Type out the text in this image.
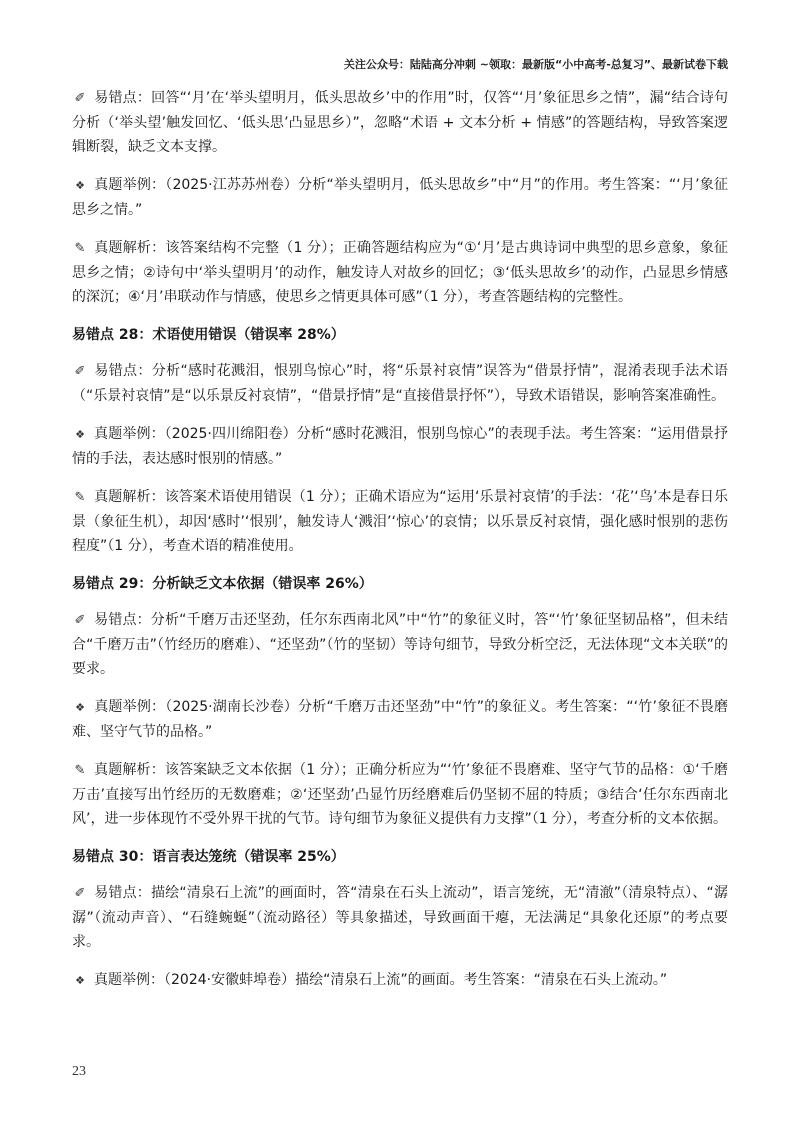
关注公众号：陆陆高分冲刺 ~领取：最新版“小中高考-总复习”、最新试卷下载

✐ 易错点：回答“‘月’在‘举头望明月，低头思故乡’中的作用”时，仅答“‘月’象征思乡之情”，漏“结合诗句分析（‘举头望’触发回忆、‘低头思’凸显思乡）”，忽略“术语 + 文本分析 + 情感”的答题结构，导致答案逻辑断裂，缺乏文本支撑。

❖ 真题举例：（2025·江苏苏州卷）分析“举头望明月，低头思故乡”中“月”的作用。考生答案：“‘月’象征思乡之情。”

✎ 真题解析：该答案结构不完整（1 分）；正确答题结构应为“①‘月’是古典诗词中典型的思乡意象，象征思乡之情；②诗句中‘举头望明月’的动作，触发诗人对故乡的回忆；③‘低头思故乡’的动作，凸显思乡情感的深沉；④‘月’串联动作与情感，使思乡之情更具体可感”（1 分），考查答题结构的完整性。

易错点 28：术语使用错误（错误率 28%）

✐ 易错点：分析“感时花溅泪，恨别鸟惊心”时，将“乐景衬哀情”误答为“借景抒情”，混淆表现手法术语（“乐景衬哀情”是“以乐景反衬哀情”，“借景抒情”是“直接借景抒怀”），导致术语错误，影响答案准确性。

❖ 真题举例：（2025·四川绵阳卷）分析“感时花溅泪，恨别鸟惊心”的表现手法。考生答案：“运用借景抒情的手法，表达感时恨别的情感。”

✎ 真题解析：该答案术语使用错误（1 分）；正确术语应为“运用‘乐景衬哀情’的手法：‘花’‘鸟’本是春日乐景（象征生机），却因‘感时’‘恨别’，触发诗人‘溅泪’‘惊心’的哀情；以乐景反衬哀情，强化感时恨别的悲伤程度”（1 分），考查术语的精准使用。

易错点 29：分析缺乏文本依据（错误率 26%）

✐ 易错点：分析“千磨万击还坚劲，任尔东西南北风”中“竹”的象征义时，答“‘竹’象征坚韧品格”，但未结合“千磨万击”（竹经历的磨难）、“还坚劲”（竹的坚韧）等诗句细节，导致分析空泛，无法体现“文本关联”的要求。

❖ 真题举例：（2025·湖南长沙卷）分析“千磨万击还坚劲”中“竹”的象征义。考生答案：“‘竹’象征不畏磨难、坚守气节的品格。”

✎ 真题解析：该答案缺乏文本依据（1 分）；正确分析应为“‘竹’象征不畏磨难、坚守气节的品格：①‘千磨万击’直接写出竹经历的无数磨难；②‘还坚劲’凸显竹历经磨难后仍坚韧不屈的特质；③结合‘任尔东西南北风’，进一步体现竹不受外界干扰的气节。诗句细节为象征义提供有力支撑”（1 分），考查分析的文本依据。

易错点 30：语言表达笼统（错误率 25%）

✐ 易错点：描绘“清泉石上流”的画面时，答“清泉在石头上流动”，语言笼统，无“清澈”（清泉特点）、“潺潺”（流动声音）、“石缝蜿蜒”（流动路径）等具象描述，导致画面干瘪，无法满足“具象化还原”的考点要求。

❖ 真题举例：（2024·安徽蚌埠卷）描绘“清泉石上流”的画面。考生答案：“清泉在石头上流动。”

23
